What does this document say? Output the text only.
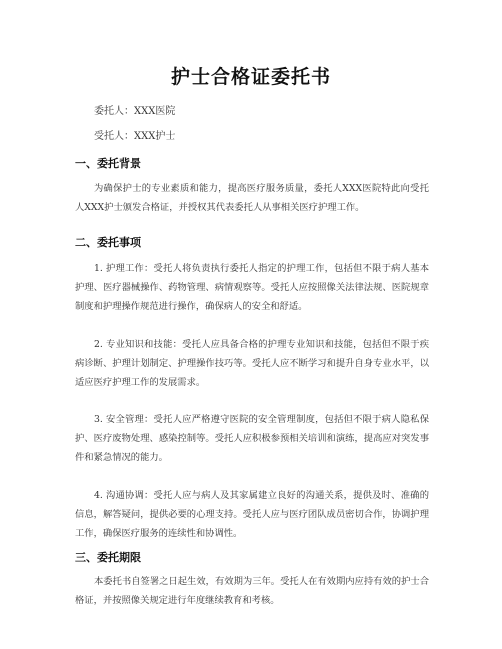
护士合格证委托书
委托人：XXX医院
受托人：XXX护士
一、委托背景
为确保护士的专业素质和能力，提高医疗服务质量，委托人XXX医院特此向受托人XXX护士颁发合格证，并授权其代表委托人从事相关医疗护理工作。
二、委托事项
1. 护理工作：受托人将负责执行委托人指定的护理工作，包括但不限于病人基本护理、医疗器械操作、药物管理、病情观察等。受托人应按照像关法律法规、医院规章制度和护理操作规范进行操作，确保病人的安全和舒适。
2. 专业知识和技能：受托人应具备合格的护理专业知识和技能，包括但不限于疾病诊断、护理计划制定、护理操作技巧等。受托人应不断学习和提升自身专业水平，以适应医疗护理工作的发展需求。
3. 安全管理：受托人应严格遵守医院的安全管理制度，包括但不限于病人隐私保护、医疗废物处理、感染控制等。受托人应积极参预相关培训和演练，提高应对突发事件和紧急情况的能力。
4. 沟通协调：受托人应与病人及其家属建立良好的沟通关系，提供及时、准确的信息，解答疑问，提供必要的心理支持。受托人应与医疗团队成员密切合作，协调护理工作，确保医疗服务的连续性和协调性。
三、委托期限
本委托书自签署之日起生效，有效期为三年。受托人在有效期内应持有效的护士合格证，并按照像关规定进行年度继续教育和考核。
